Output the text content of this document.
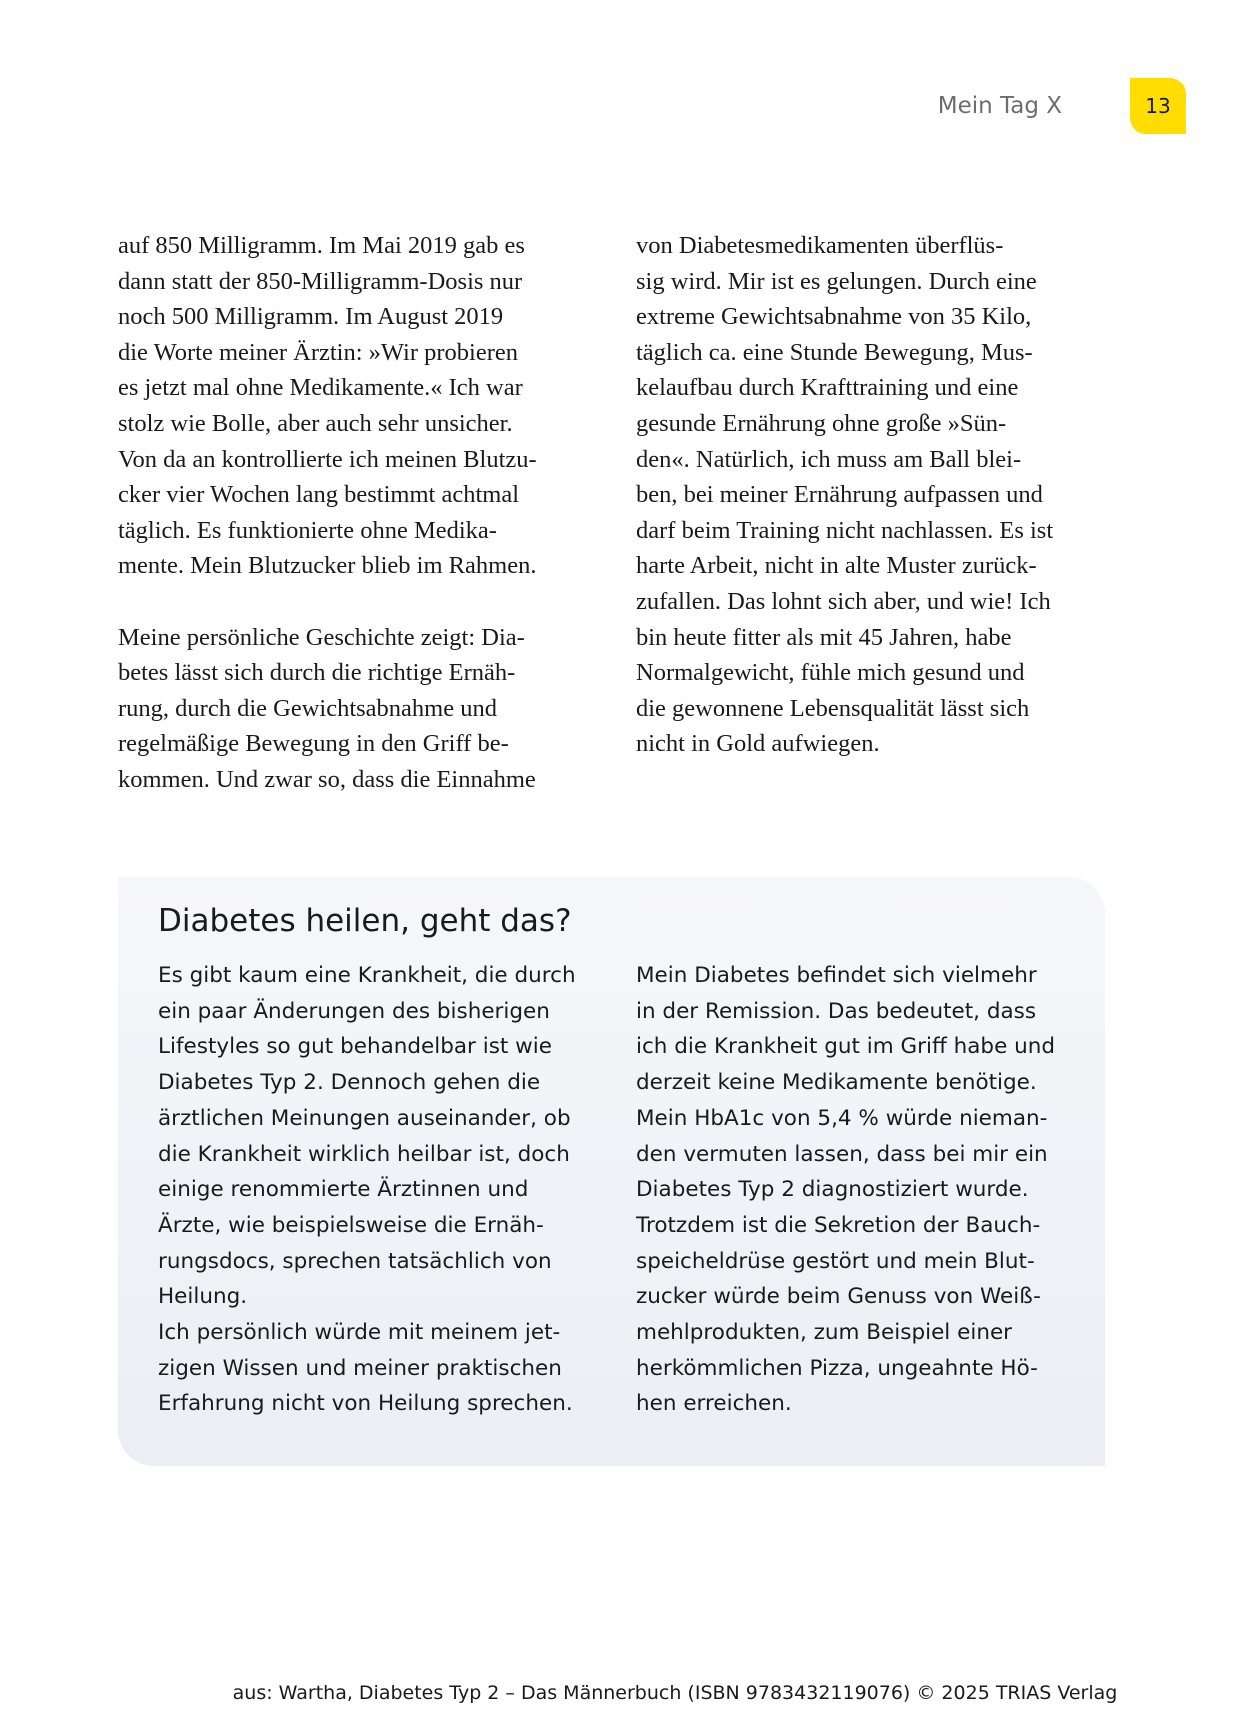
Mein Tag X	13

auf 850 Milligramm. Im Mai 2019 gab es

dann statt der 850-Milligramm-Dosis nur

noch 500 Milligramm. Im August 2019

die Worte meiner Ärztin: »Wir probieren

es jetzt mal ohne Medikamente.« Ich war

stolz wie Bolle, aber auch sehr unsicher.

Von da an kontrollierte ich meinen Blutzu-

cker vier Wochen lang bestimmt achtmal

täglich. Es funktionierte ohne Medika-

mente. Mein Blutzucker blieb im Rahmen.

Meine persönliche Geschichte zeigt: Dia-

betes lässt sich durch die richtige Ernäh-

rung, durch die Gewichtsabnahme und

regelmäßige Bewegung in den Griff be-

kommen. Und zwar so, dass die Einnahme

von Diabetesmedikamenten überflüs-

sig wird. Mir ist es gelungen. Durch eine

extreme Gewichtsabnahme von 35 Kilo,

täglich ca. eine Stunde Bewegung, Mus-

kelaufbau durch Krafttraining und eine

gesunde Ernährung ohne große »Sün-

den«. Natürlich, ich muss am Ball blei-

ben, bei meiner Ernährung aufpassen und

darf beim Training nicht nachlassen. Es ist

harte Arbeit, nicht in alte Muster zurück-

zufallen. Das lohnt sich aber, und wie! Ich

bin heute fitter als mit 45 Jahren, habe

Normalgewicht, fühle mich gesund und

die gewonnene Lebensqualität lässt sich

nicht in Gold aufwiegen.

Diabetes heilen, geht das?

Es gibt kaum eine Krankheit, die durch

ein paar Änderungen des bisherigen

Lifestyles so gut behandelbar ist wie

Diabetes Typ 2. Dennoch gehen die

ärztlichen Meinungen auseinander, ob

die Krankheit wirklich heilbar ist, doch

einige renommierte Ärztinnen und

Ärzte, wie beispielsweise die Ernäh-

rungsdocs, sprechen tatsächlich von

Heilung.

Ich persönlich würde mit meinem jet-

zigen Wissen und meiner praktischen

Erfahrung nicht von Heilung sprechen.

Mein Diabetes befindet sich vielmehr

in der Remission. Das bedeutet, dass

ich die Krankheit gut im Griff habe und

derzeit keine Medikamente benötige.

Mein HbA1c von 5,4 % würde nieman-

den vermuten lassen, dass bei mir ein

Diabetes Typ 2 diagnostiziert wurde.

Trotzdem ist die Sekretion der Bauch-

speicheldrüse gestört und mein Blut-

zucker würde beim Genuss von Weiß-

mehlprodukten, zum Beispiel einer

herkömmlichen Pizza, ungeahnte Hö-

hen erreichen.

aus: Wartha, Diabetes Typ 2 – Das Männerbuch (ISBN 9783432119076) © 2025 TRIAS Verlag
